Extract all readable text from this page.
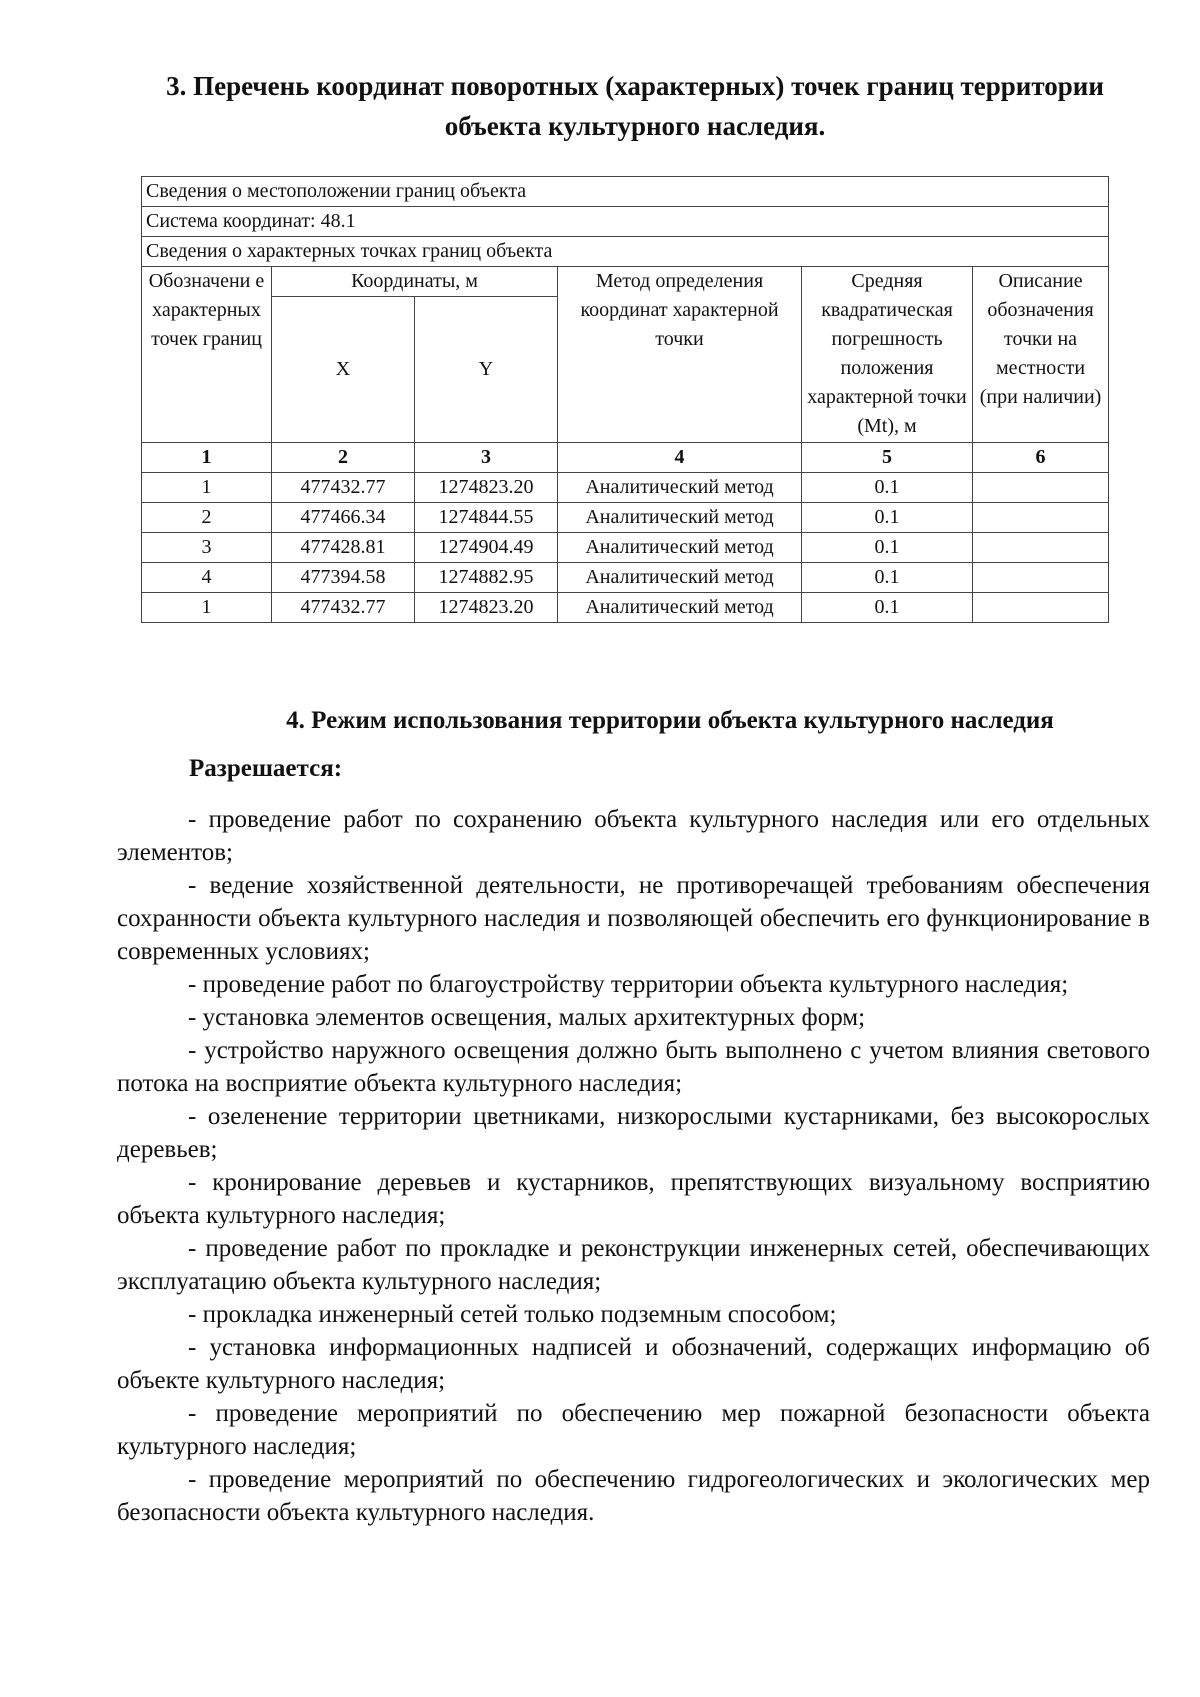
3. Перечень координат поворотных (характерных) точек границ территории объекта культурного наследия.
Сведения о местоположении границ объекта					
Система координат: 48.1					
Сведения о характерных точках границ объекта					
Обозначени е характерных точек границ	Координаты, м		Метод определения координат характерной точки	Средняя квадратическая погрешность положения характерной точки (Mt), м	Описание обозначения точки на местности (при наличии)
	X	Y			
1	2	3	4	5	6
1	477432.77	1274823.20	Аналитический метод	0.1	
2	477466.34	1274844.55	Аналитический метод	0.1	
3	477428.81	1274904.49	Аналитический метод	0.1	
4	477394.58	1274882.95	Аналитический метод	0.1	
1	477432.77	1274823.20	Аналитический метод	0.1	
4. Режим использования территории объекта культурного наследия

Разрешается:

- проведение работ по сохранению объекта культурного наследия или его отдельных элементов;
- ведение хозяйственной деятельности, не противоречащей требованиям обеспечения сохранности объекта культурного наследия и позволяющей обеспечить его функционирование в современных условиях;
- проведение работ по благоустройству территории объекта культурного наследия;
- установка элементов освещения, малых архитектурных форм;
- устройство наружного освещения должно быть выполнено с учетом влияния светового потока на восприятие объекта культурного наследия;
- озеленение территории цветниками, низкорослыми кустарниками, без высокорослых деревьев;
- кронирование деревьев и кустарников, препятствующих визуальному восприятию объекта культурного наследия;
- проведение работ по прокладке и реконструкции инженерных сетей, обеспечивающих эксплуатацию объекта культурного наследия;
- прокладка инженерный сетей только подземным способом;
- установка информационных надписей и обозначений, содержащих информацию об объекте культурного наследия;
- проведение мероприятий по обеспечению мер пожарной безопасности объекта культурного наследия;
- проведение мероприятий по обеспечению гидрогеологических и экологических мер безопасности объекта культурного наследия.
